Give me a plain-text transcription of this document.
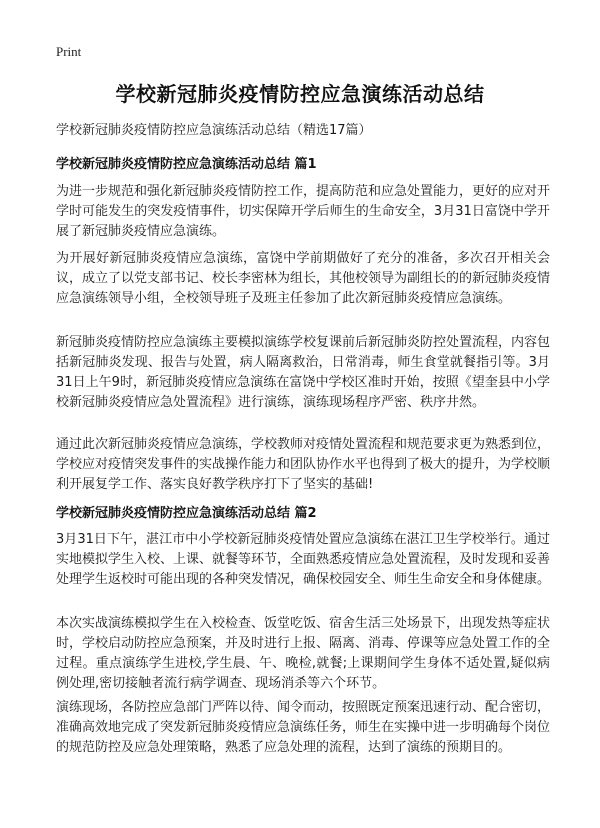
Print
学校新冠肺炎疫情防控应急演练活动总结
学校新冠肺炎疫情防控应急演练活动总结（精选17篇）
学校新冠肺炎疫情防控应急演练活动总结 篇1
为进一步规范和强化新冠肺炎疫情防控工作，提高防范和应急处置能力，更好的应对开学时可能发生的突发疫情事件，切实保障开学后师生的生命安全，3月31日富饶中学开展了新冠肺炎疫情应急演练。
为开展好新冠肺炎疫情应急演练，富饶中学前期做好了充分的准备，多次召开相关会议，成立了以党支部书记、校长李密林为组长，其他校领导为副组长的的新冠肺炎疫情应急演练领导小组，全校领导班子及班主任参加了此次新冠肺炎疫情应急演练。
新冠肺炎疫情防控应急演练主要模拟演练学校复课前后新冠肺炎防控处置流程，内容包括新冠肺炎发现、报告与处置，病人隔离救治，日常消毒，师生食堂就餐指引等。3月31日上午9时，新冠肺炎疫情应急演练在富饶中学校区准时开始，按照《望奎县中小学校新冠肺炎疫情应急处置流程》进行演练，演练现场程序严密、秩序井然。
通过此次新冠肺炎疫情应急演练，学校教师对疫情处置流程和规范要求更为熟悉到位，学校应对疫情突发事件的实战操作能力和团队协作水平也得到了极大的提升，为学校顺利开展复学工作、落实良好教学秩序打下了坚实的基础!
学校新冠肺炎疫情防控应急演练活动总结 篇2
3月31日下午，湛江市中小学校新冠肺炎疫情处置应急演练在湛江卫生学校举行。通过实地模拟学生入校、上课、就餐等环节，全面熟悉疫情应急处置流程，及时发现和妥善处理学生返校时可能出现的各种突发情况，确保校园安全、师生生命安全和身体健康。
本次实战演练模拟学生在入校检查、饭堂吃饭、宿舍生活三处场景下，出现发热等症状时，学校启动防控应急预案，并及时进行上报、隔离、消毒、停课等应急处置工作的全过程。重点演练学生进校,学生晨、午、晚检,就餐;上课期间学生身体不适处置,疑似病例处理,密切接触者流行病学调查、现场消杀等六个环节。
演练现场，各防控应急部门严阵以待、闻令而动，按照既定预案迅速行动、配合密切，准确高效地完成了突发新冠肺炎疫情应急演练任务，师生在实操中进一步明确每个岗位的规范防控及应急处理策略，熟悉了应急处理的流程，达到了演练的预期目的。
